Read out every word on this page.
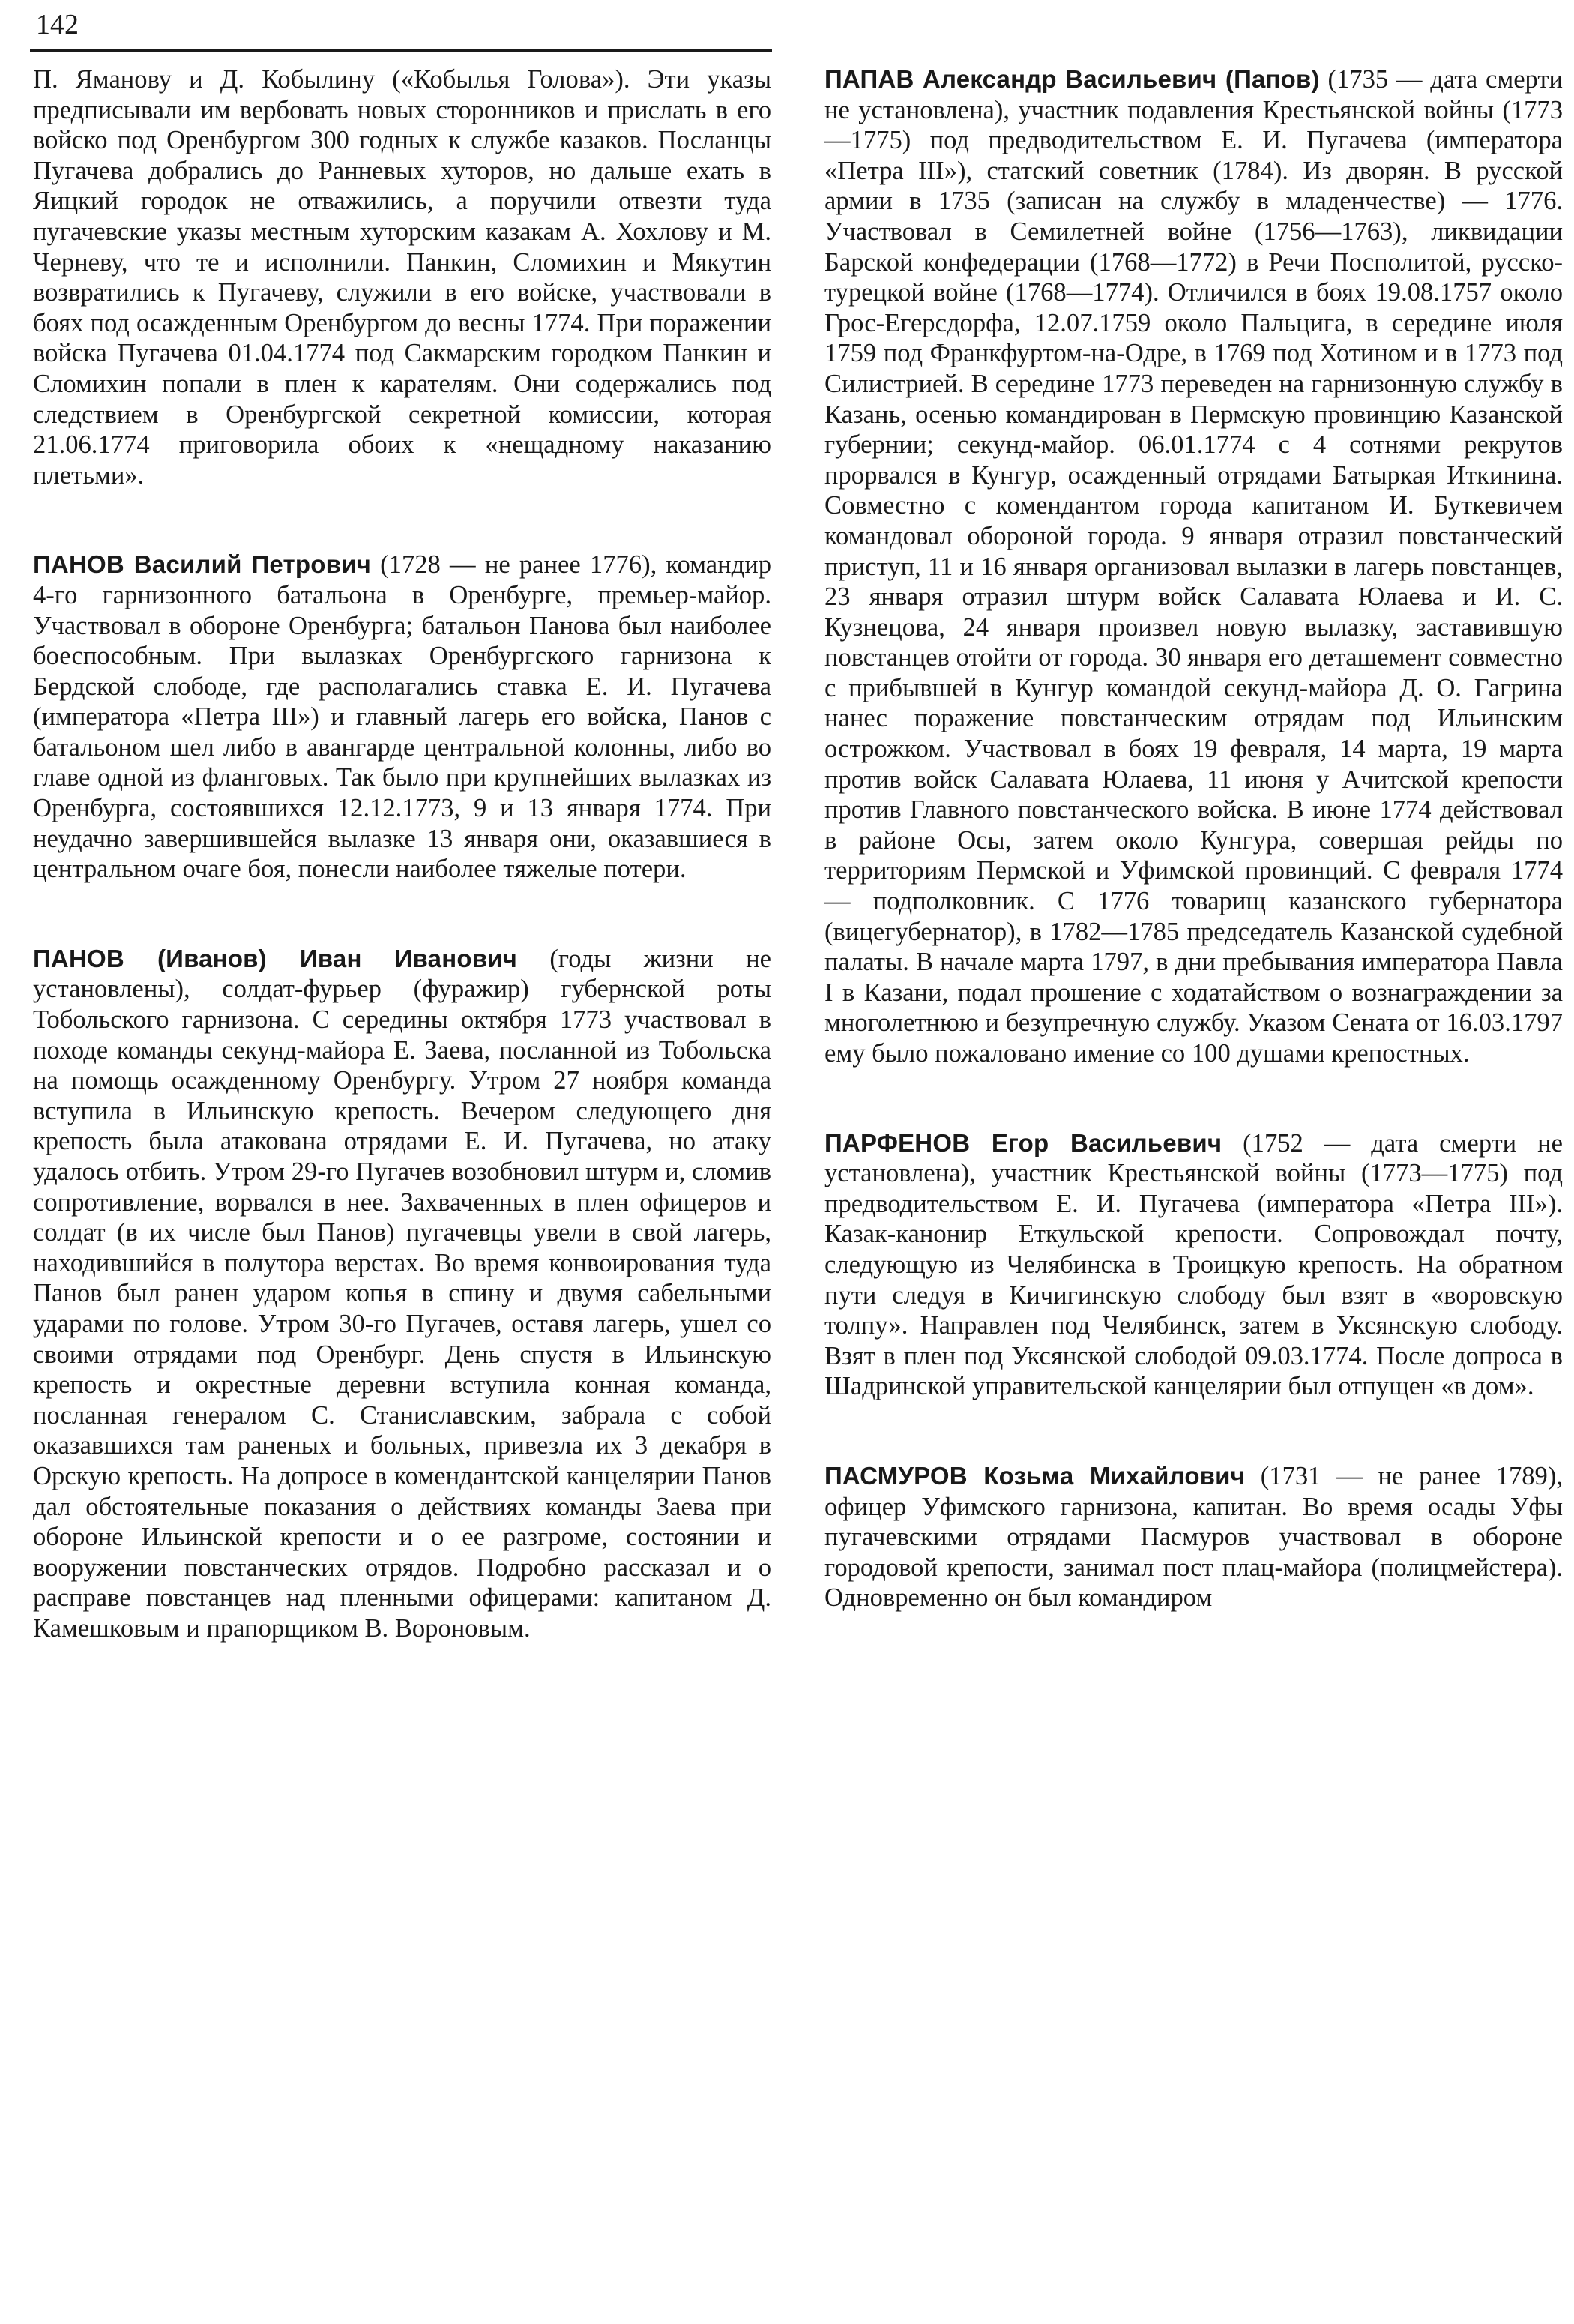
142

П. Яманову и Д. Кобылину («Кобылья Голова»). Эти указы предписывали им вербовать новых сторонников и прислать в его войско под Оренбургом 300 годных к службе казаков. Посланцы Пугачева добрались до Ранневых хуторов, но дальше ехать в Яицкий городок не отважились, а поручили отвезти туда пугачевские указы местным хуторским казакам А. Хохлову и М. Черневу, что те и исполнили. Панкин, Сломихин и Мякутин возвратились к Пугачеву, служили в его войске, участвовали в боях под осажденным Оренбургом до весны 1774. При поражении войска Пугачева 01.04.1774 под Сакмарским городком Панкин и Сломихин попали в плен к карателям. Они содержались под следствием в Оренбургской секретной комиссии, которая 21.06.1774 приговорила обоих к «нещадному наказанию плетьми».

ПАНОВ Василий Петрович (1728 — не ранее 1776), командир 4-го гарнизонного батальона в Оренбурге, премьер-майор. Участвовал в обороне Оренбурга; батальон Панова был наиболее боеспособным. При вылазках Оренбургского гарнизона к Бердской слободе, где располагались ставка Е. И. Пугачева (императора «Петра III») и главный лагерь его войска, Панов с батальоном шел либо в авангарде центральной колонны, либо во главе одной из фланговых. Так было при крупнейших вылазках из Оренбурга, состоявшихся 12.12.1773, 9 и 13 января 1774. При неудачно завершившейся вылазке 13 января они, оказавшиеся в центральном очаге боя, понесли наиболее тяжелые потери.

ПАНОВ (Иванов) Иван Иванович (годы жизни не установлены), солдат-фурьер (фуражир) губернской роты Тобольского гарнизона. С середины октября 1773 участвовал в походе команды секунд-майора Е. Заева, посланной из Тобольска на помощь осажденному Оренбургу. Утром 27 ноября команда вступила в Ильинскую крепость. Вечером следующего дня крепость была атакована отрядами Е. И. Пугачева, но атаку удалось отбить. Утром 29-го Пугачев возобновил штурм и, сломив сопротивление, ворвался в нее. Захваченных в плен офицеров и солдат (в их числе был Панов) пугачевцы увели в свой лагерь, находившийся в полутора верстах. Во время конвоирования туда Панов был ранен ударом копья в спину и двумя сабельными ударами по голове. Утром 30-го Пугачев, оставя лагерь, ушел со своими отрядами под Оренбург. День спустя в Ильинскую крепость и окрестные деревни вступила конная команда, посланная генералом С. Станиславским, забрала с собой оказавшихся там раненых и больных, привезла их 3 декабря в Орскую крепость. На допросе в комендантской канцелярии Панов дал обстоятельные показания о действиях команды Заева при обороне Ильинской крепости и о ее разгроме, состоянии и вооружении повстанческих отрядов. Подробно рассказал и о расправе повстанцев над пленными офицерами: капитаном Д. Камешковым и прапорщиком В. Вороновым.

ПАПАВ Александр Васильевич (Папов) (1735 — дата смерти не установлена), участник подавления Крестьянской войны (1773—1775) под предводительством Е. И. Пугачева (императора «Петра III»), статский советник (1784). Из дворян. В русской армии в 1735 (записан на службу в младенчестве) — 1776. Участвовал в Семилетней войне (1756—1763), ликвидации Барской конфедерации (1768—1772) в Речи Посполитой, русско-турецкой войне (1768—1774). Отличился в боях 19.08.1757 около Грос-Егерсдорфа, 12.07.1759 около Пальцига, в середине июля 1759 под Франкфуртом-на-Одре, в 1769 под Хотином и в 1773 под Силистрией. В середине 1773 переведен на гарнизонную службу в Казань, осенью командирован в Пермскую провинцию Казанской губернии; секунд-майор. 06.01.1774 с 4 сотнями рекрутов прорвался в Кунгур, осажденный отрядами Батыркая Иткинина. Совместно с комендантом города капитаном И. Буткевичем командовал обороной города. 9 января отразил повстанческий приступ, 11 и 16 января организовал вылазки в лагерь повстанцев, 23 января отразил штурм войск Салавата Юлаева и И. С. Кузнецова, 24 января произвел новую вылазку, заставившую повстанцев отойти от города. 30 января его деташемент совместно с прибывшей в Кунгур командой секунд-майора Д. О. Гагрина нанес поражение повстанческим отрядам под Ильинским острожком. Участвовал в боях 19 февраля, 14 марта, 19 марта против войск Салавата Юлаева, 11 июня у Ачитской крепости против Главного повстанческого войска. В июне 1774 действовал в районе Осы, затем около Кунгура, совершая рейды по территориям Пермской и Уфимской провинций. С февраля 1774 — подполковник. С 1776 товарищ казанского губернатора (вицегубернатор), в 1782—1785 председатель Казанской судебной палаты. В начале марта 1797, в дни пребывания императора Павла I в Казани, подал прошение с ходатайством о вознаграждении за многолетнюю и безупречную службу. Указом Сената от 16.03.1797 ему было пожаловано имение со 100 душами крепостных.

ПАРФЕНОВ Егор Васильевич (1752 — дата смерти не установлена), участник Крестьянской войны (1773—1775) под предводительством Е. И. Пугачева (императора «Петра III»). Казак-канонир Еткульской крепости. Сопровождал почту, следующую из Челябинска в Троицкую крепость. На обратном пути следуя в Кичигинскую слободу был взят в «воровскую толпу». Направлен под Челябинск, затем в Уксянскую слободу. Взят в плен под Уксянской слободой 09.03.1774. После допроса в Шадринской управительской канцелярии был отпущен «в дом».

ПАСМУРОВ Козьма Михайлович (1731 — не ранее 1789), офицер Уфимского гарнизона, капитан. Во время осады Уфы пугачевскими отрядами Пасмуров участвовал в обороне городовой крепости, занимал пост плац-майора (полицмейстера). Одновременно он был командиром
